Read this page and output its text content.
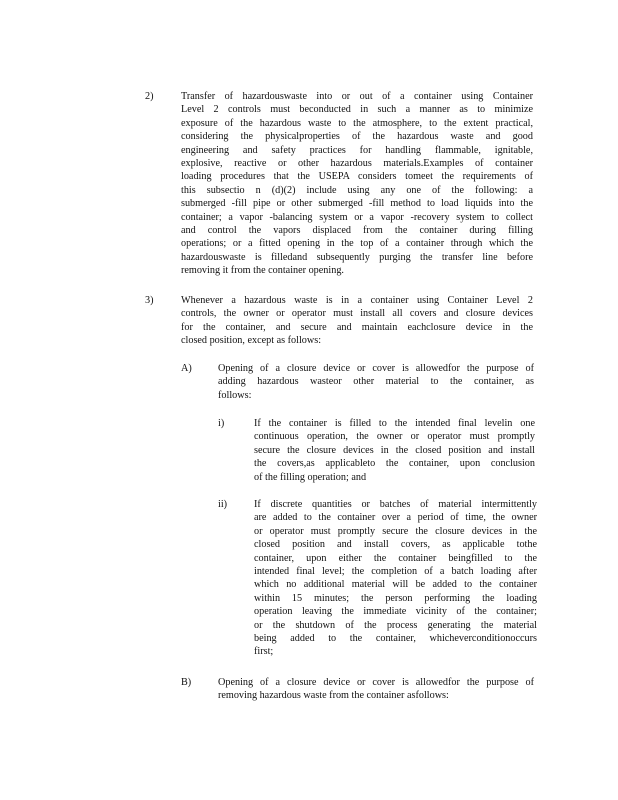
2)	Transfer of hazardouswaste into or out of a container using Container
Level 2 controls must beconducted in such a manner as to minimize
exposure of the hazardous waste to the atmosphere, to the extent practical,
considering the physicalproperties of the hazardous waste and good
engineering and safety practices for handling flammable, ignitable,
explosive, reactive or other hazardous materials.Examples of container
loading procedures that the USEPA considers tomeet the requirements of
this subsectio n (d)(2) include using any one of the following: a
submerged -fill pipe or other submerged -fill method to load liquids into the
container; a vapor -balancing system or a vapor -recovery system to collect
and control the vapors displaced from the container during filling
operations; or a fitted opening in the top of a container through which the
hazardouswaste is filledand subsequently purging the transfer line before
removing it from the container opening.
3)	Whenever a hazardous waste is in a container using Container Level 2
controls, the owner or operator must install all covers and closure devices
for the container, and secure and maintain eachclosure device in the
closed position, except as follows:
A)	Opening of a closure device or cover is allowedfor the purpose of
adding hazardous wasteor other material to the container, as
follows:
i)	If the container is filled to the intended final levelin one
continuous operation, the owner or operator must promptly
secure the closure devices in the closed position and install
the covers,as applicableto the container, upon conclusion
of the filling operation; and
ii)	If discrete quantities or batches of material intermittently
are added to the container over a period of time, the owner
or operator must promptly secure the closure devices in the
closed position and install covers, as applicable tothe
container, upon either the container beingfilled to the
intended final level; the completion of a batch loading after
which no additional material will be added to the container
within 15 minutes; the person performing the loading
operation leaving the immediate vicinity of the container;
or the shutdown of the process generating the material
being added to the container, whicheverconditionoccurs
first;
B)	Opening of a closure device or cover is allowedfor the purpose of
removing hazardous waste from the container asfollows:
